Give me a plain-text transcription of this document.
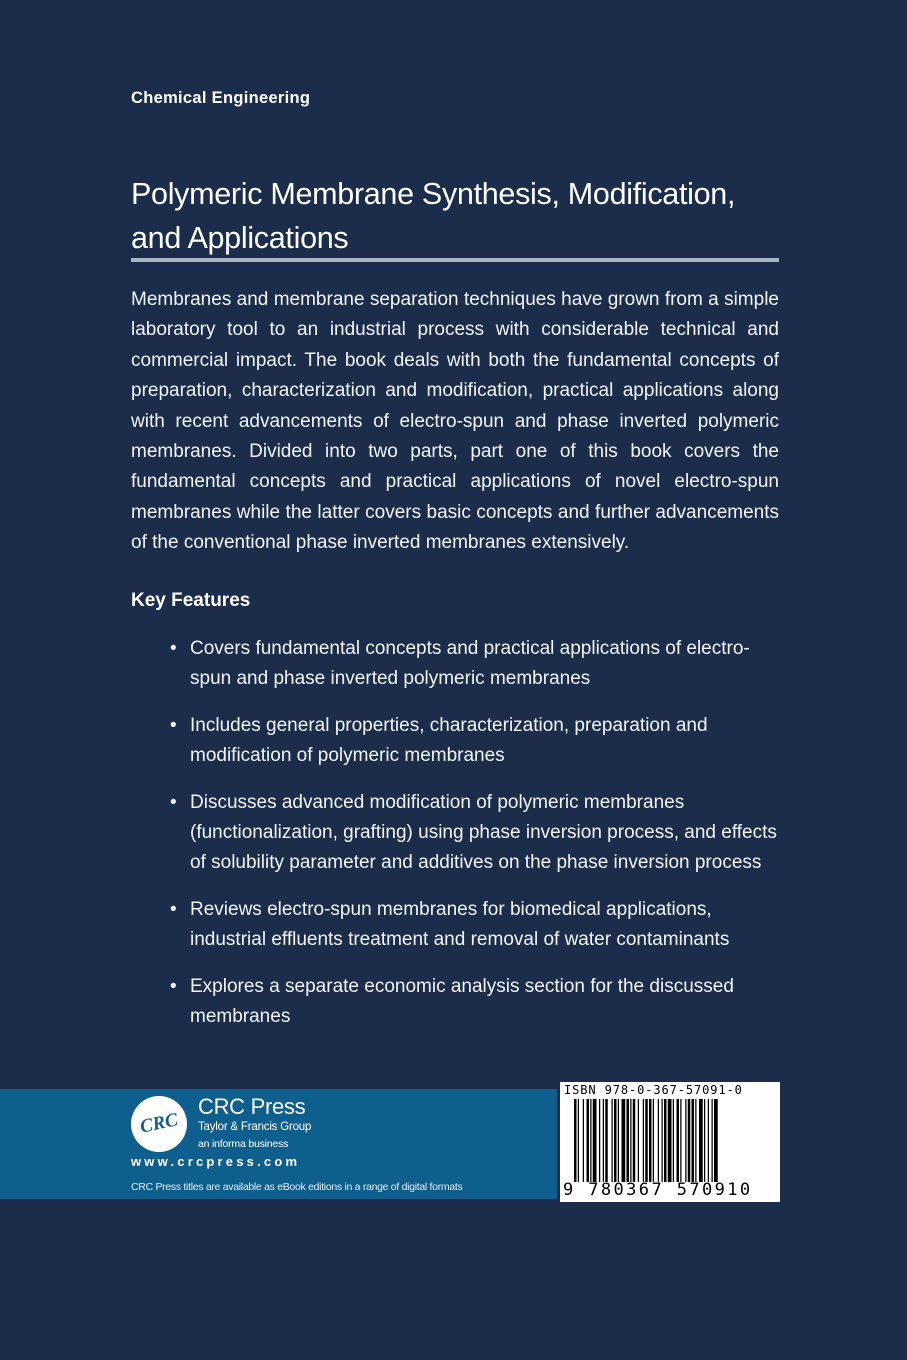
Chemical Engineering
Polymeric Membrane Synthesis, Modification, and Applications

Membranes and membrane separation techniques have grown from a simple laboratory tool to an industrial process with considerable technical and commercial impact. The book deals with both the fundamental concepts of preparation, characterization and modification, practical applications along with recent advancements of electro-spun and phase inverted polymeric membranes. Divided into two parts, part one of this book covers the fundamental concepts and practical applications of novel electro-spun membranes while the latter covers basic concepts and further advancements of the conventional phase inverted membranes extensively.

Key Features
• Covers fundamental concepts and practical applications of electro-spun and phase inverted polymeric membranes
• Includes general properties, characterization, preparation and modification of polymeric membranes
• Discusses advanced modification of polymeric membranes (functionalization, grafting) using phase inversion process, and effects of solubility parameter and additives on the phase inversion process
• Reviews electro-spun membranes for biomedical applications, industrial effluents treatment and removal of water contaminants
• Explores a separate economic analysis section for the discussed membranes
CRC
CRC Press
Taylor & Francis Group
an informa business
www.crcpress.com
CRC Press titles are available as eBook editions in a range of digital formats
ISBN 978-0-367-57091-0
9 780367 570910
